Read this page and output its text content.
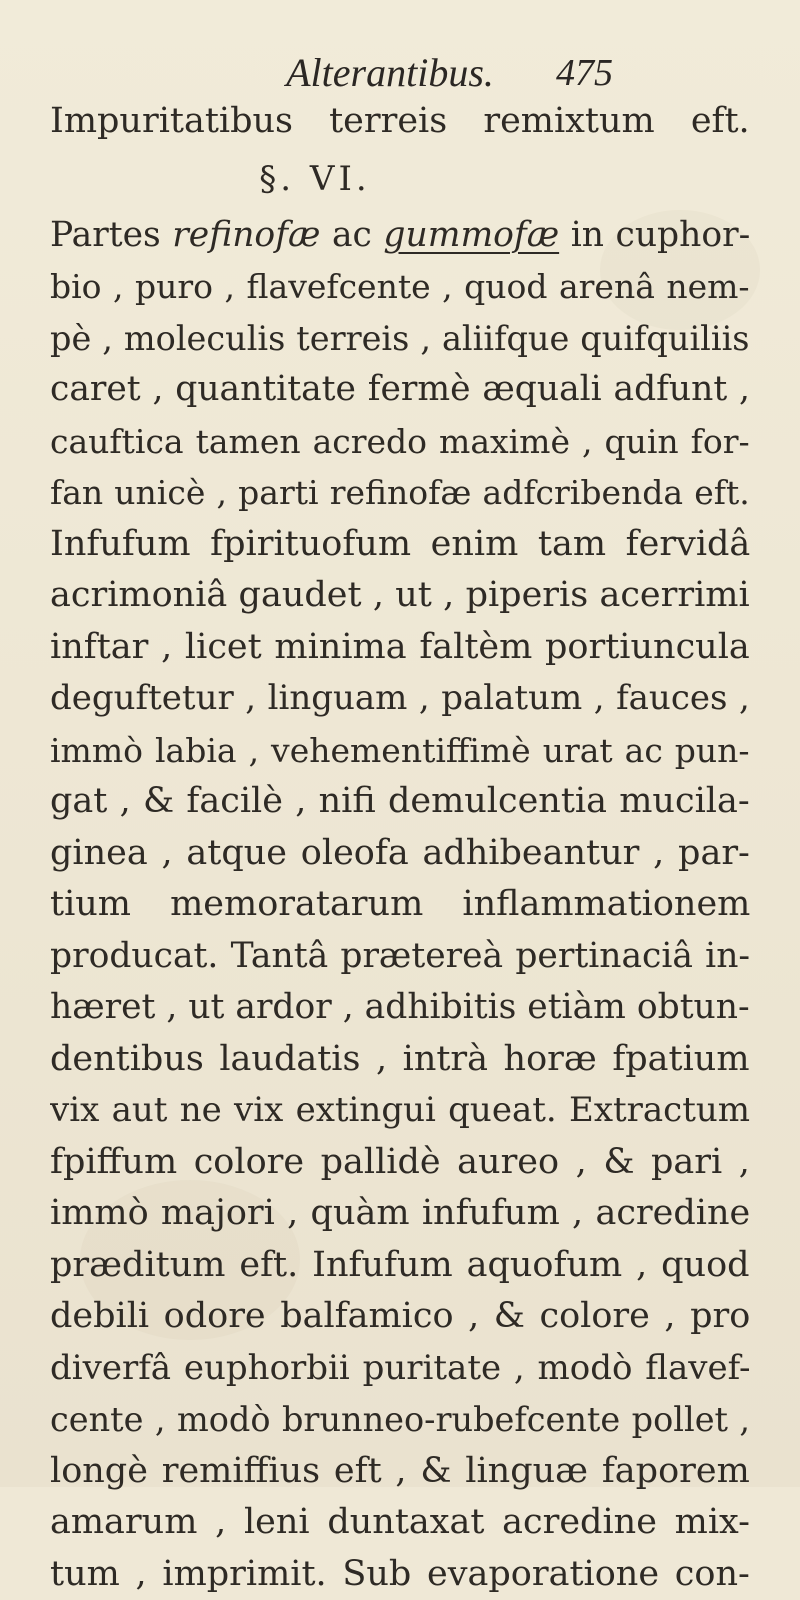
Alterantibus.	475
Impuritatibus terreis remixtum eft.
§. VI.
Partes refinofæ ac gummofæ in cuphor-
bio , puro , flavefcente , quod arenâ nem-
pè , moleculis terreis , aliifque quifquiliis
caret , quantitate fermè æquali adfunt ,
cauftica tamen acredo maximè , quin for-
fan unicè , parti refinofæ adfcribenda eft.
Infufum fpirituofum enim tam fervidâ
acrimoniâ gaudet , ut , piperis acerrimi
inftar , licet minima faltèm portiuncula
deguftetur , linguam , palatum , fauces ,
immò labia , vehementiffimè urat ac pun-
gat , & facilè , nifi demulcentia mucila-
ginea , atque oleofa adhibeantur , par-
tium memoratarum inflammationem
producat. Tantâ prætereà pertinaciâ in-
hæret , ut ardor , adhibitis etiàm obtun-
dentibus laudatis , intrà horæ fpatium
vix aut ne vix extingui queat. Extractum
fpiffum colore pallidè aureo , & pari ,
immò majori , quàm infufum , acredine
præditum eft. Infufum aquofum , quod
debili odore balfamico , & colore , pro
diverfâ euphorbii puritate , modò flavef-
cente , modò brunneo-rubefcente pollet ,
longè remiffius eft , & linguæ faporem
amarum , leni duntaxat acredine mix-
tum , imprimit. Sub evaporatione con-
